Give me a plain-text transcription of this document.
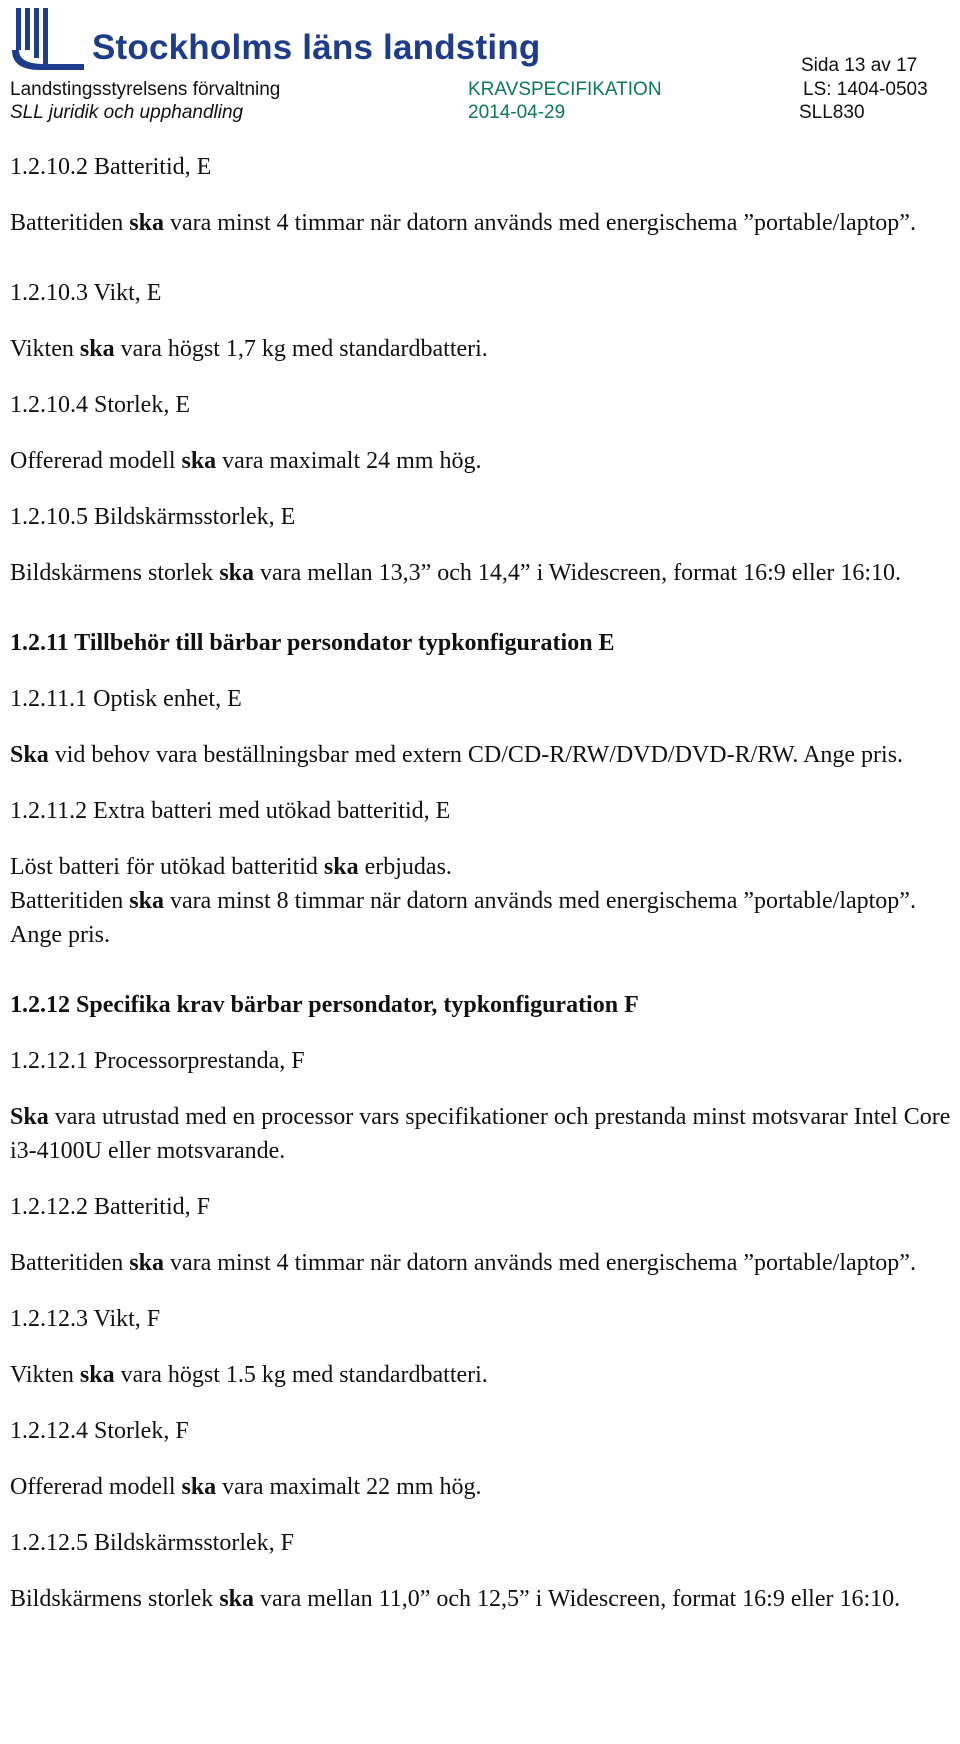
Stockholms läns landsting	Sida 13 av 17
Landstingsstyrelsens förvaltning
SLL juridik och upphandling
KRAVSPECIFIKATION
2014-04-29
LS: 1404-0503
SLL830
1.2.10.2 Batteritid, E

Batteritiden ska vara minst 4 timmar när datorn används med energischema ”portable/laptop”.

1.2.10.3 Vikt, E

Vikten ska vara högst 1,7 kg med standardbatteri.

1.2.10.4 Storlek, E

Offererad modell ska vara maximalt 24 mm hög.

1.2.10.5 Bildskärmsstorlek, E

Bildskärmens storlek ska vara mellan 13,3” och 14,4” i Widescreen, format 16:9 eller 16:10.

1.2.11 Tillbehör till bärbar persondator typkonfiguration E
1.2.11.1 Optisk enhet, E

Ska vid behov vara beställningsbar med extern CD/CD-R/RW/DVD/DVD-R/RW. Ange pris.

1.2.11.2 Extra batteri med utökad batteritid, E

Löst batteri för utökad batteritid ska erbjudas.

Batteritiden ska vara minst 8 timmar när datorn används med energischema ”portable/laptop”. Ange pris.

1.2.12 Specifika krav bärbar persondator, typkonfiguration F
1.2.12.1 Processorprestanda, F

Ska vara utrustad med en processor vars specifikationer och prestanda minst motsvarar Intel Core i3-4100U eller motsvarande.

1.2.12.2 Batteritid, F

Batteritiden ska vara minst 4 timmar när datorn används med energischema ”portable/laptop”.

1.2.12.3 Vikt, F

Vikten ska vara högst 1.5 kg med standardbatteri.

1.2.12.4 Storlek, F

Offererad modell ska vara maximalt 22 mm hög.

1.2.12.5 Bildskärmsstorlek, F

Bildskärmens storlek ska vara mellan 11,0” och 12,5” i Widescreen, format 16:9 eller 16:10.
